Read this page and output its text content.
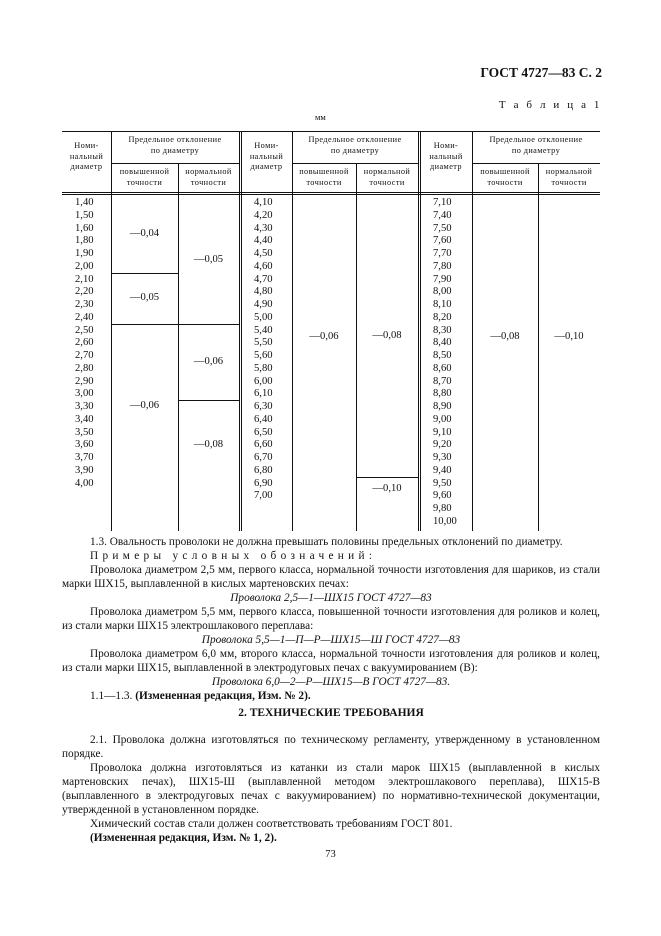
ГОСТ 4727—83 С. 2
Т а б л и ц а 1
мм
Номи-
нальный
диаметр
Предельное отклонение
по диаметру
повышенной
точности
нормальной
точности
Номи-
нальный
диаметр
Предельное отклонение
по диаметру
повышенной
точности
нормальной
точности
Номи-
нальный
диаметр
Предельное отклонение
по диаметру
повышенной
точности
нормальной
точности
1,40
1,50
1,60
1,80
1,90
2,00
2,10
2,20
2,30
2,40
2,50
2,60
2,70
2,80
2,90
3,00
3,30
3,40
3,50
3,60
3,70
3,90
4,00
—0,04
—0,05
—0,06
—0,05
—0,06
—0,08
4,10
4,20
4,30
4,40
4,50
4,60
4,70
4,80
4,90
5,00
5,40
5,50
5,60
5,80
6,00
6,10
6,30
6,40
6,50
6,60
6,70
6,80
6,90
7,00
—0,06	—0,08
—0,10
7,10
7,40
7,50
7,60
7,70
7,80
7,90
8,00
8,10
8,20
8,30
8,40
8,50
8,60
8,70
8,80
8,90
9,00
9,10
9,20
9,30
9,40
9,50
9,60
9,80
10,00
—0,08	—0,10
1.3. Овальность проволоки не должна превышать половины предельных отклонений по диаметру.
Примеры условных обозначений:
Проволока диаметром 2,5 мм, первого класса, нормальной точности изготовления для шариков, из стали марки ШХ15, выплавленной в кислых мартеновских печах:
Проволока 2,5—1—ШХ15 ГОСТ 4727—83
Проволока диаметром 5,5 мм, первого класса, повышенной точности изготовления для роликов и колец, из стали марки ШХ15 электрошлакового переплава:
Проволока 5,5—1—П—Р—ШХ15—Ш ГОСТ 4727—83
Проволока диаметром 6,0 мм, второго класса, нормальной точности изготовления для роликов и колец, из стали марки ШХ15, выплавленной в электродуговых печах с вакуумированием (В):
Проволока 6,0—2—Р—ШХ15—В ГОСТ 4727—83.
1.1—1.3. (Измененная редакция, Изм. № 2).
2. ТЕХНИЧЕСКИЕ ТРЕБОВАНИЯ
2.1. Проволока должна изготовляться по техническому регламенту, утвержденному в установленном порядке.
Проволока должна изготовляться из катанки из стали марок ШХ15 (выплавленной в кислых мартеновских печах), ШХ15-Ш (выплавленной методом электрошлакового переплава), ШХ15-В (выплавленного в электродуговых печах с вакуумированием) по нормативно-технической документации, утвержденной в установленном порядке.
Химический состав стали должен соответствовать требованиям ГОСТ 801.
(Измененная редакция, Изм. № 1, 2).
73
